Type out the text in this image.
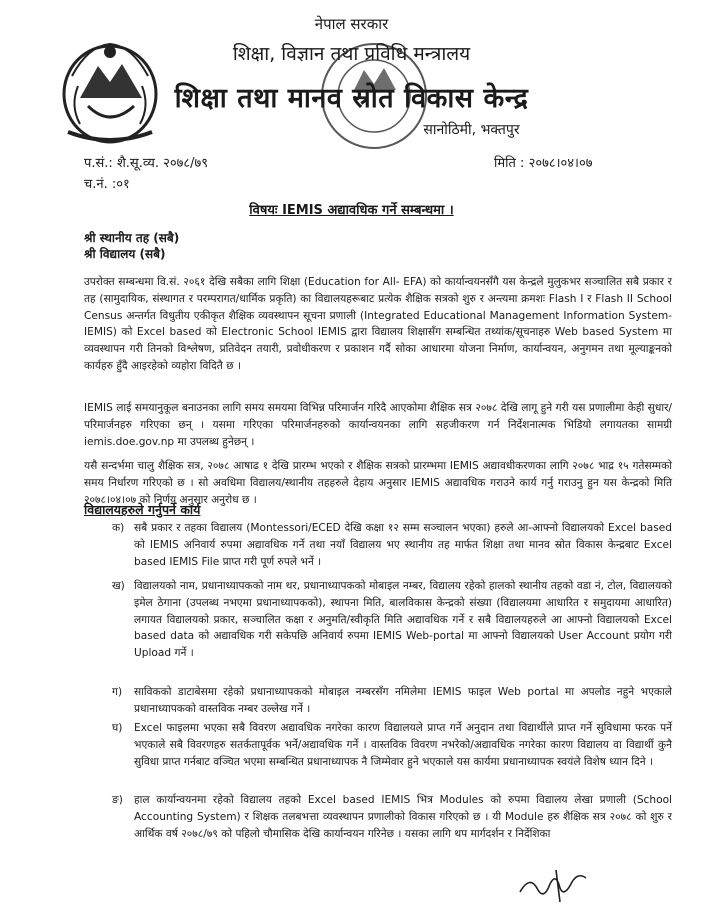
नेपाल सरकार
शिक्षा, विज्ञान तथा प्रविधि मन्त्रालय
शिक्षा तथा मानव स्रोत विकास केन्द्र
सानोठिमी, भक्तपुर
प.सं.: शै.सू.व्य. २०७८/७९
च.नं. :०१
मिति : २०७८।०४।०७
विषयः IEMIS अद्यावधिक गर्ने सम्बन्धमा ।
श्री स्थानीय तह (सबै)
श्री विद्यालय (सबै)
उपरोक्त सम्बन्धमा वि.सं. २०६१ देखि सबैका लागि शिक्षा (Education for All- EFA) को कार्यान्वयनसँगै यस केन्द्रले मुलुकभर सञ्चालित सबै प्रकार र तह (सामुदायिक, संस्थागत र परम्परागत/धार्मिक प्रकृति) का विद्यालयहरूबाट प्रत्येक शैक्षिक सत्रको शुरु र अन्त्यमा क्रमशः Flash I र Flash II School Census अन्तर्गत विधुतीय एकीकृत शैक्षिक व्यवस्थापन सूचना प्रणाली (Integrated Educational Management Information System-IEMIS) को Excel based को Electronic School IEMIS द्वारा विद्यालय शिक्षासँग सम्बन्धित तथ्यांक/सूचनाहरु Web based System मा व्यवस्थापन गरी तिनको विश्लेषण, प्रतिवेदन तयारी, प्रवोधीकरण र प्रकाशन गर्दै सोका आधारमा योजना निर्माण, कार्यान्वयन, अनुगमन तथा मूल्याङ्कनको कार्यहरु हुँदै आइरहेको व्यहोरा विदितै छ ।
IEMIS लाई समयानुकूल बनाउनका लागि समय समयमा विभिन्न परिमार्जन गरिदै आएकोमा शैक्षिक सत्र २०७८ देखि लागू हुने गरी यस प्रणालीमा केही सुधार/परिमार्जनहरु गरिएका छन् । यसमा गरिएका परिमार्जनहरुको कार्यान्वयनका लागि सहजीकरण गर्न निर्देशनात्मक भिडियो लगायतका सामग्री iemis.doe.gov.np मा उपलब्ध हुनेछन् ।
यसै सन्दर्भमा चालु शैक्षिक सत्र, २०७८ आषाढ १ देखि प्रारम्भ भएको र शैक्षिक सत्रको प्रारम्भमा IEMIS अद्यावधीकरणका लागि २०७८ भाद्र १५ गतेसम्मको समय निर्धारण गरिएको छ । सो अवधिमा विद्यालय/स्थानीय तहहरुले देहाय अनुसार IEMIS अद्यावधिक गराउने कार्य गर्नु गराउनु हुन यस केन्द्रको मिति २०७८।०४।०७ को निर्णय अनुसार अनुरोध छ ।
विद्यालयहरुले गर्नुपर्ने कार्य
क) सबै प्रकार र तहका विद्यालय (Montessori/ECED देखि कक्षा १२ सम्म सञ्चालन भएका) हरुले आ-आफ्नो विद्यालयको Excel based को IEMIS अनिवार्य रुपमा अद्यावधिक गर्ने तथा नयाँ विद्यालय भए स्थानीय तह मार्फत शिक्षा तथा मानव स्रोत विकास केन्द्रबाट Excel based IEMIS File प्राप्त गरी पूर्ण रुपले भर्ने ।
ख) विद्यालयको नाम, प्रधानाध्यापकको नाम थर, प्रधानाध्यापकको मोबाइल नम्बर, विद्यालय रहेको हालको स्थानीय तहको वडा नं, टोल, विद्यालयको इमेल ठेगाना (उपलब्ध नभएमा प्रधानाध्यापकको), स्थापना मिति, बालविकास केन्द्रको संख्या (विद्यालयमा आधारित र समुदायमा आधारित) लगायत विद्यालयको प्रकार, सञ्चालित कक्षा र अनुमति/स्वीकृति मिति अद्यावधिक गर्ने र सबै विद्यालयहरुले आ आफ्नो विद्यालयको Excel based data को अद्यावधिक गरी सकेपछि अनिवार्य रुपमा IEMIS Web-portal मा आफ्नो विद्यालयको User Account प्रयोग गरी Upload गर्ने ।
ग)	साविकको डाटाबेसमा रहेको प्रधानाध्यापकको मोबाइल नम्बरसँग नमिलेमा IEMIS फाइल Web portal मा अपलोड नहुने भएकाले प्रधानाध्यापकको वास्तविक नम्बर उल्लेख गर्ने ।
घ)	Excel फाइलमा भएका सबै विवरण अद्यावधिक नगरेका कारण विद्यालयले प्राप्त गर्ने अनुदान तथा विद्यार्थीले प्राप्त गर्ने सुविधामा फरक पर्ने भएकाले सबै विवरणहरु सतर्कतापूर्वक भर्ने/अद्यावधिक गर्ने । वास्तविक विवरण नभरेको/अद्यावधिक नगरेका कारण विद्यालय वा विद्यार्थी कुनै सुविधा प्राप्त गर्नबाट वञ्चित भएमा सम्बन्धित प्रधानाध्यापक नै जिम्मेवार हुने भएकाले यस कार्यमा प्रधानाध्यापक स्वयंले विशेष ध्यान दिने ।
ङ)	हाल कार्यान्वयनमा रहेको विद्यालय तहको Excel based IEMIS भित्र Modules को रुपमा विद्यालय लेखा प्रणाली (School Accounting System) र शिक्षक तलबभत्ता व्यवस्थापन प्रणालीको विकास गरिएको छ । यी Module हरु शैक्षिक सत्र २०७८ को शुरु र आर्थिक वर्ष २०७८/७९ को पहिलो चौमासिक देखि कार्यान्वयन गरिनेछ । यसका लागि थप मार्गदर्शन र निर्देशिका
